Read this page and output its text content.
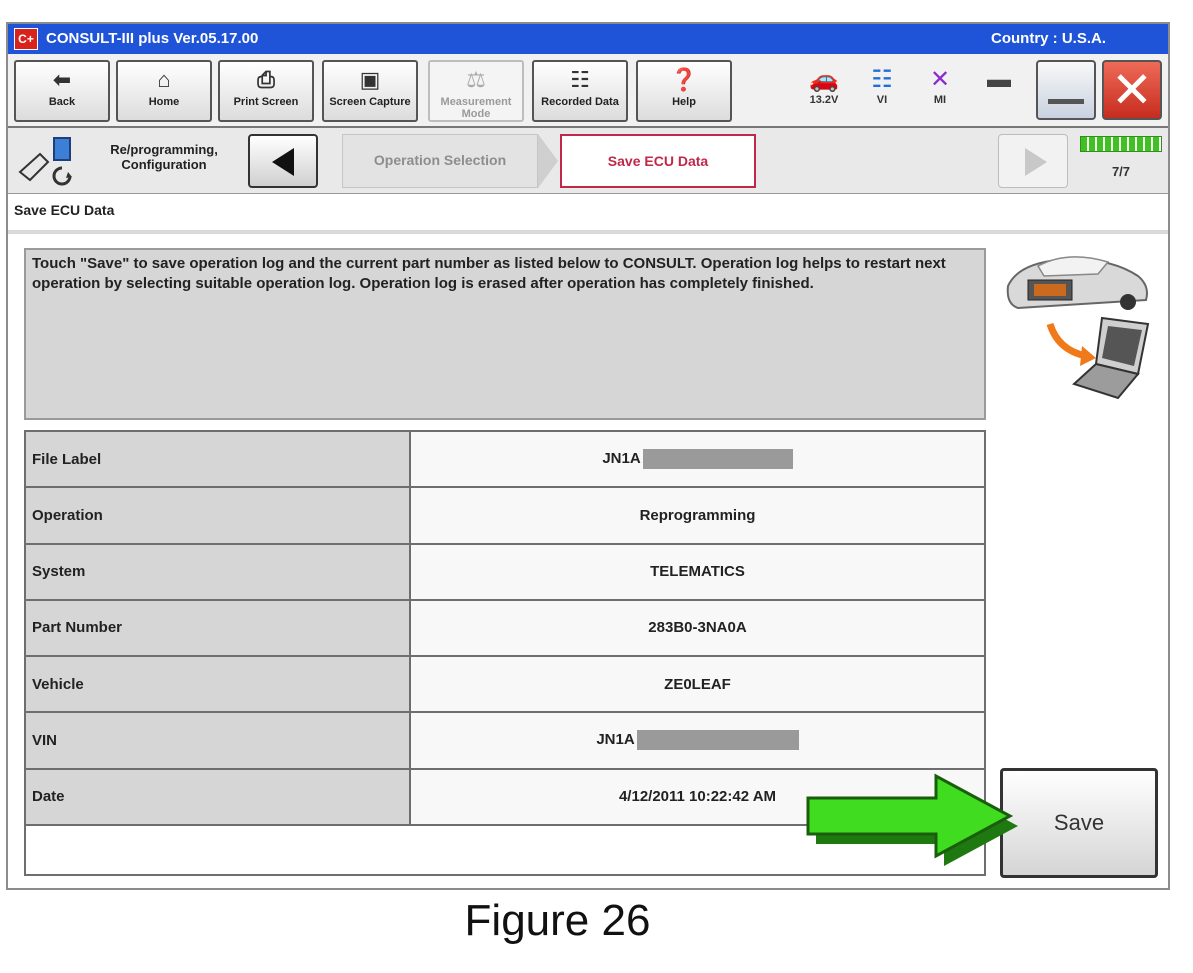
C+ CONSULT-III plus Ver.05.17.00	Country : U.S.A.
⬅
Back
⌂
Home
⎙
Print Screen
▣
Screen Capture
⚖
Measurement Mode
☷
Recorded Data
❓
Help
🚗
13.2V
☷
VI
✕
MI
▬ ✕
Re/programming, Configuration	Operation Selection	Save ECU Data
7/7
Save ECU Data
Touch "Save" to save operation log and the current part number as listed below to CONSULT. Operation log helps to restart next operation by selecting suitable operation log. Operation log is erased after operation has completely finished.
File Label	JN1A
Operation	Reprogramming
System	TELEMATICS
Part Number	283B0-3NA0A
Vehicle	ZE0LEAF
VIN	JN1A
Date	4/12/2011 10:22:42 AM

Save
Figure 26
